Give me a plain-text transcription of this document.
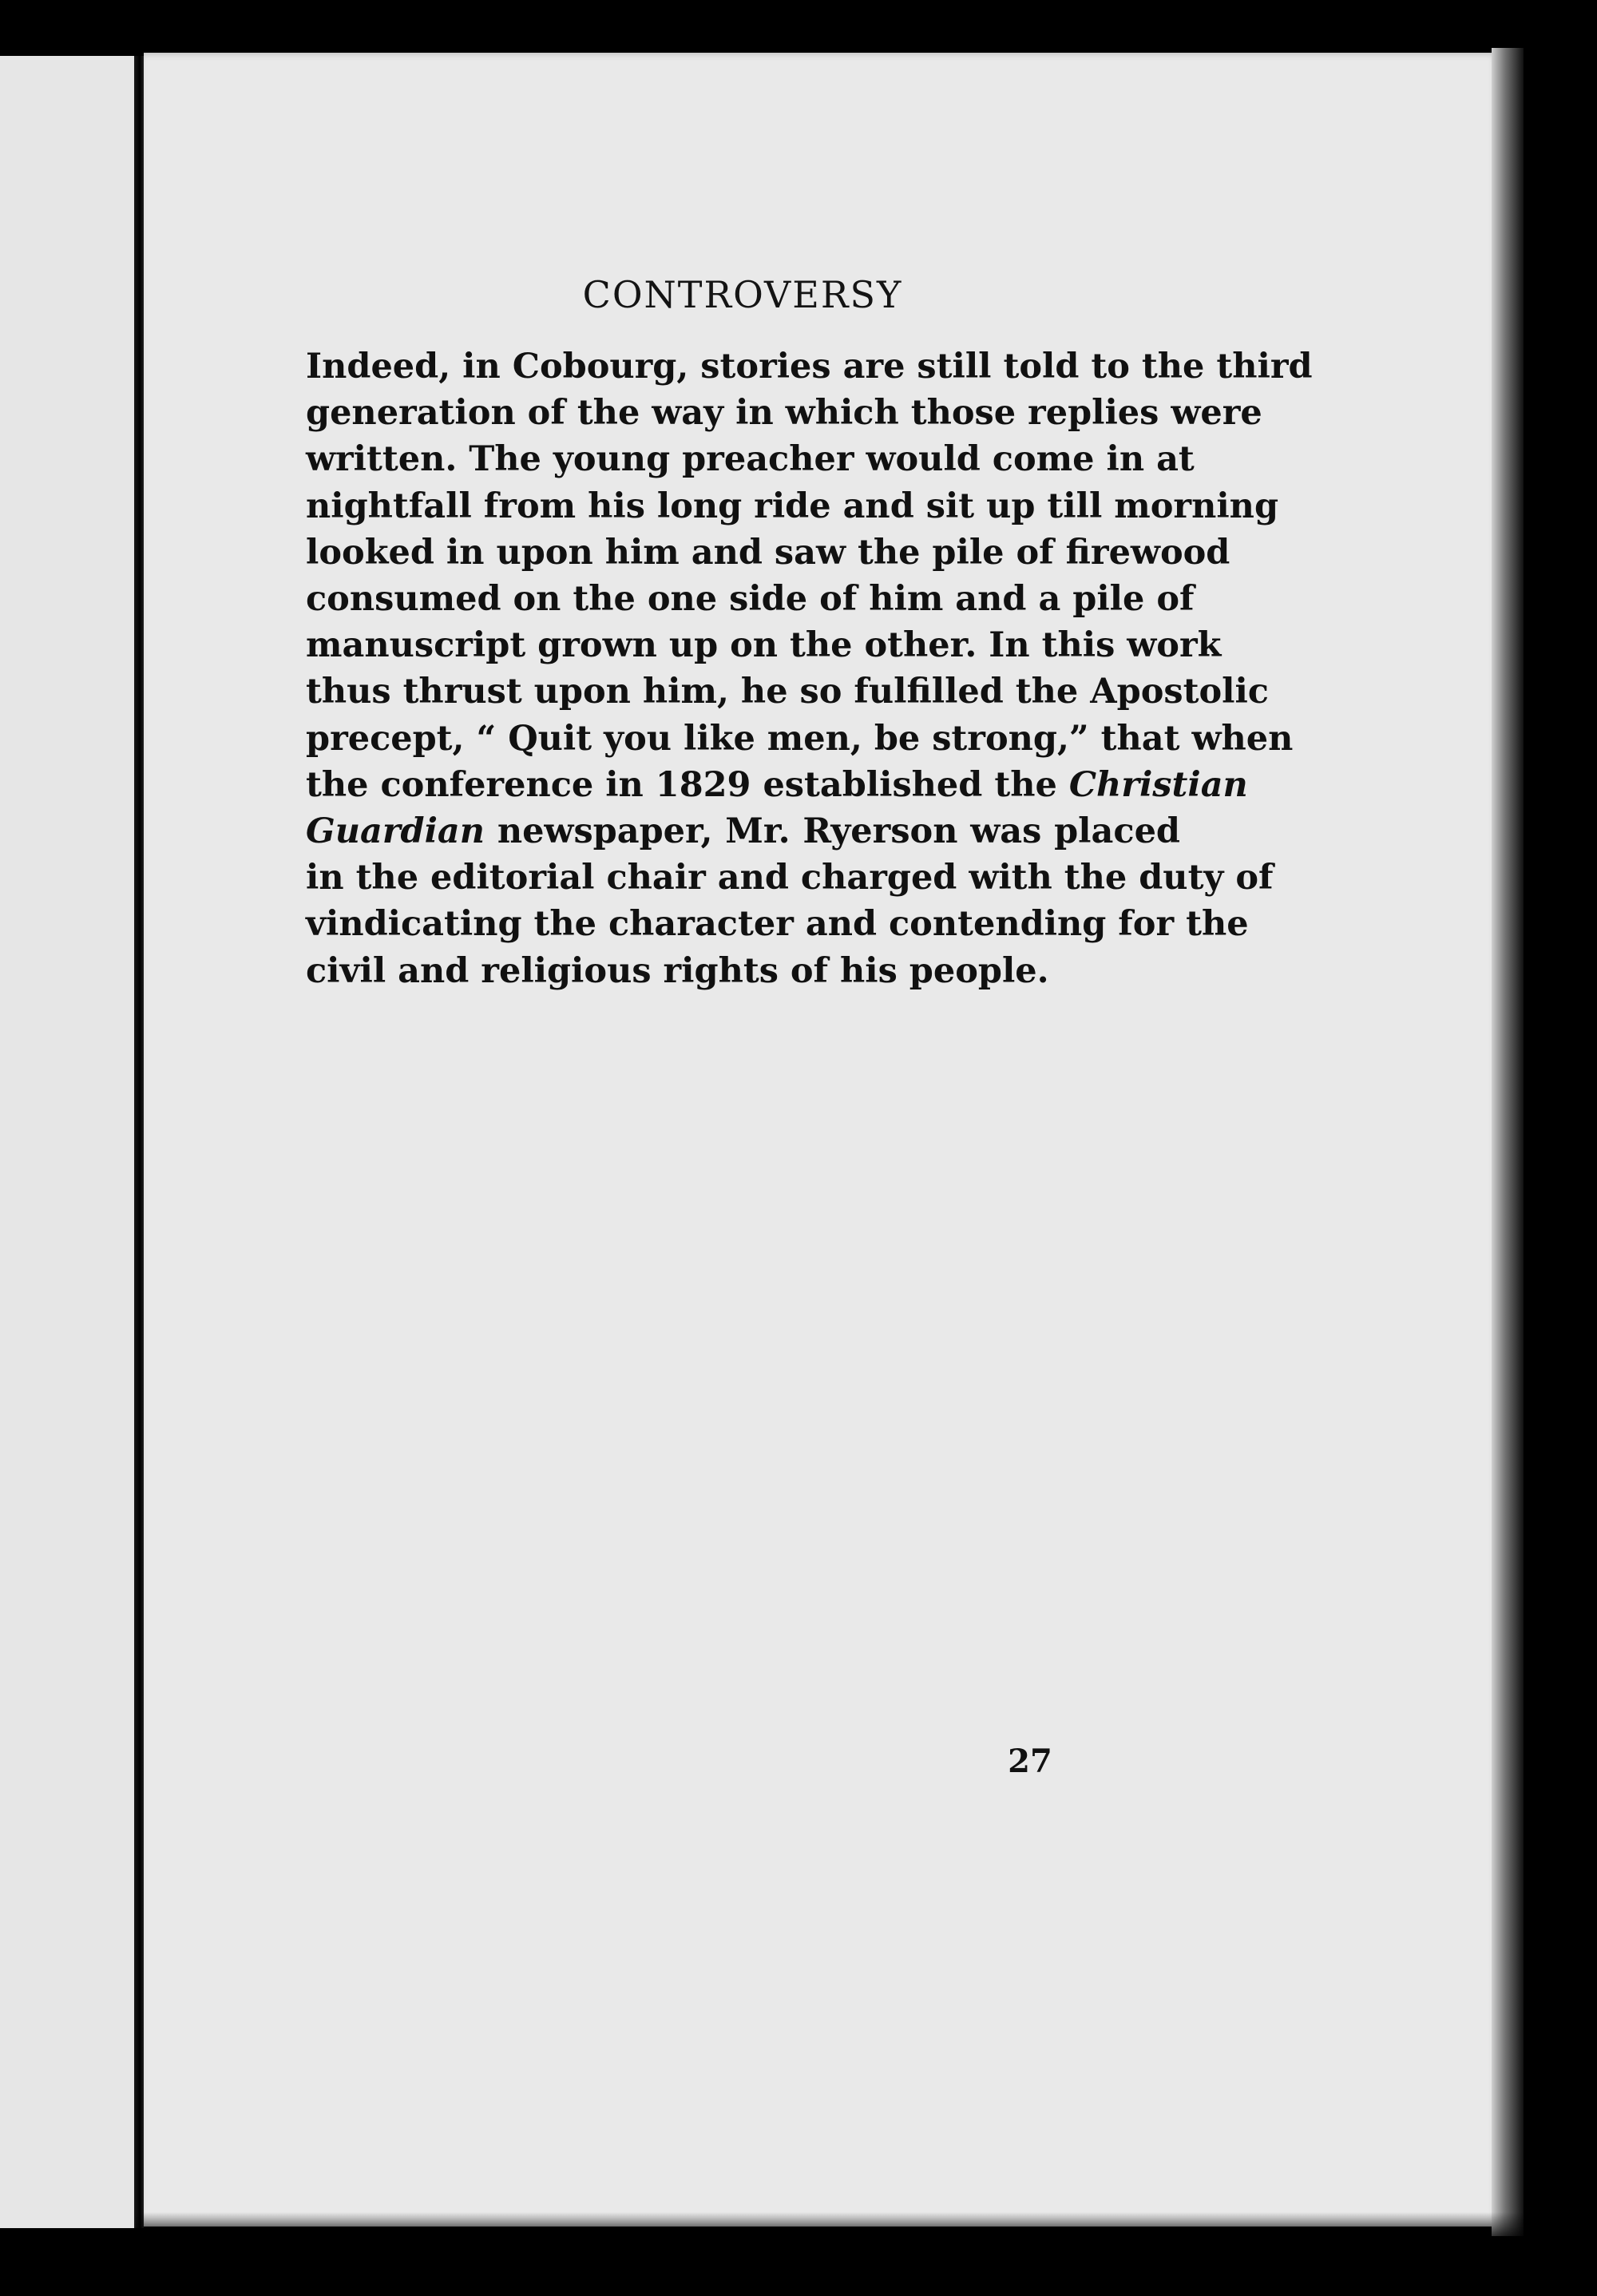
CONTROVERSY
Indeed, in Cobourg, stories are still told to the third
generation of the way in which those replies were
written. The young preacher would come in at
nightfall from his long ride and sit up till morning
looked in upon him and saw the pile of firewood
consumed on the one side of him and a pile of
manuscript grown up on the other. In this work
thus thrust upon him, he so fulfilled the Apostolic
precept, “ Quit you like men, be strong,” that when
the conference in 1829 established the Christian
Guardian newspaper, Mr. Ryerson was placed
in the editorial chair and charged with the duty of
vindicating the character and contending for the
civil and religious rights of his people.
27
